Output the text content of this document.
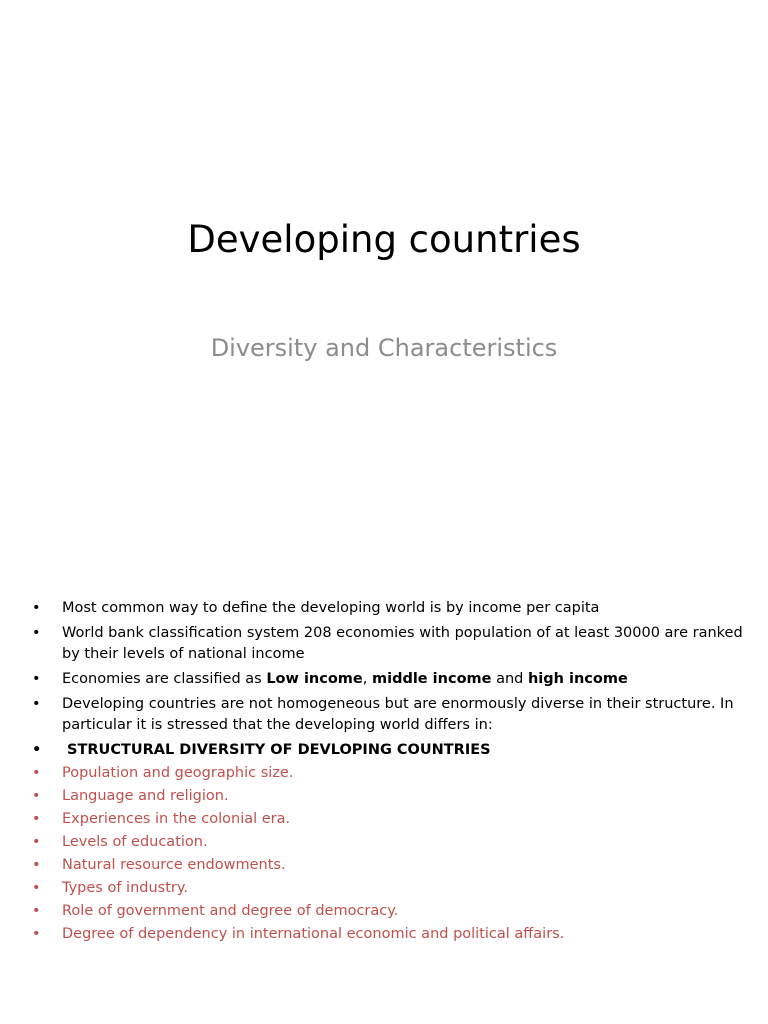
Developing countries

Diversity and Characteristics

• Most common way to define the developing world is by income per capita
• World bank classification system 208 economies with population of at least 30000 are ranked by their levels of national income
• Economies are classified as Low income, middle income and high income
• Developing countries are not homogeneous but are enormously diverse in their structure. In particular it is stressed that the developing world differs in:
• STRUCTURAL DIVERSITY OF DEVLOPING COUNTRIES
• Population and geographic size.
• Language and religion.
• Experiences in the colonial era.
• Levels of education.
• Natural resource endowments.
• Types of industry.
• Role of government and degree of democracy.
• Degree of dependency in international economic and political affairs.
